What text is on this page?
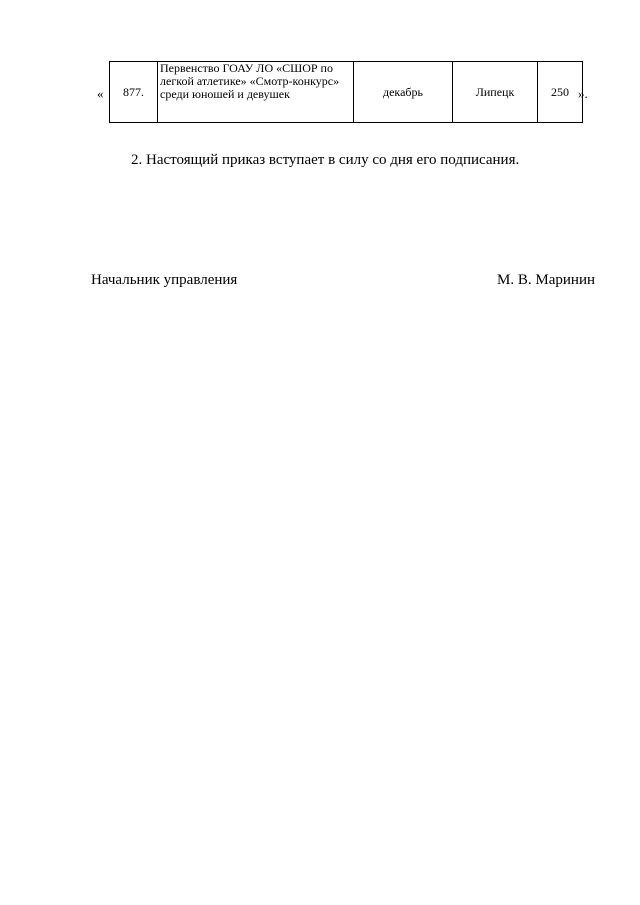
« 877.	Первенство ГОАУ ЛО «СШОР по легкой атлетике» «Смотр-конкурс» среди юношей и девушек	декабрь	Липецк	250 ».

2. Настоящий приказ вступает в силу со дня его подписания.

Начальник управления	М. В. Маринин
